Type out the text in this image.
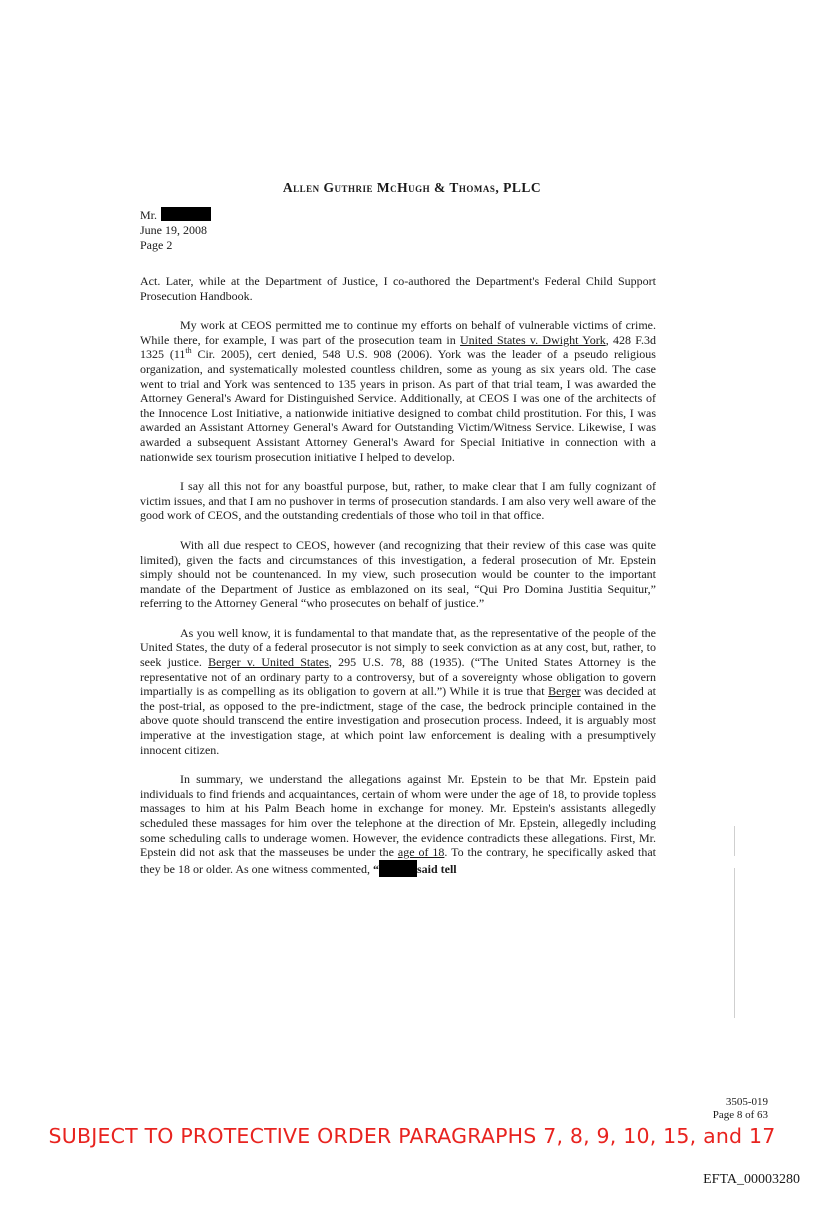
Allen Guthrie McHugh & Thomas, PLLC
Mr.
June 19, 2008
Page 2

Act. Later, while at the Department of Justice, I co-authored the Department's Federal Child Support Prosecution Handbook.

My work at CEOS permitted me to continue my efforts on behalf of vulnerable victims of crime. While there, for example, I was part of the prosecution team in United States v. Dwight York, 428 F.3d 1325 (11th Cir. 2005), cert denied, 548 U.S. 908 (2006). York was the leader of a pseudo religious organization, and systematically molested countless children, some as young as six years old. The case went to trial and York was sentenced to 135 years in prison. As part of that trial team, I was awarded the Attorney General's Award for Distinguished Service. Additionally, at CEOS I was one of the architects of the Innocence Lost Initiative, a nationwide initiative designed to combat child prostitution. For this, I was awarded an Assistant Attorney General's Award for Outstanding Victim/Witness Service. Likewise, I was awarded a subsequent Assistant Attorney General's Award for Special Initiative in connection with a nationwide sex tourism prosecution initiative I helped to develop.

I say all this not for any boastful purpose, but, rather, to make clear that I am fully cognizant of victim issues, and that I am no pushover in terms of prosecution standards. I am also very well aware of the good work of CEOS, and the outstanding credentials of those who toil in that office.

With all due respect to CEOS, however (and recognizing that their review of this case was quite limited), given the facts and circumstances of this investigation, a federal prosecution of Mr. Epstein simply should not be countenanced. In my view, such prosecution would be counter to the important mandate of the Department of Justice as emblazoned on its seal, “Qui Pro Domina Justitia Sequitur,” referring to the Attorney General “who prosecutes on behalf of justice.”

As you well know, it is fundamental to that mandate that, as the representative of the people of the United States, the duty of a federal prosecutor is not simply to seek conviction as at any cost, but, rather, to seek justice. Berger v. United States, 295 U.S. 78, 88 (1935). (“The United States Attorney is the representative not of an ordinary party to a controversy, but of a sovereignty whose obligation to govern impartially is as compelling as its obligation to govern at all.”) While it is true that Berger was decided at the post-trial, as opposed to the pre-indictment, stage of the case, the bedrock principle contained in the above quote should transcend the entire investigation and prosecution process. Indeed, it is arguably most imperative at the investigation stage, at which point law enforcement is dealing with a presumptively innocent citizen.

In summary, we understand the allegations against Mr. Epstein to be that Mr. Epstein paid individuals to find friends and acquaintances, certain of whom were under the age of 18, to provide topless massages to him at his Palm Beach home in exchange for money. Mr. Epstein's assistants allegedly scheduled these massages for him over the telephone at the direction of Mr. Epstein, allegedly including some scheduling calls to underage women. However, the evidence contradicts these allegations. First, Mr. Epstein did not ask that the masseuses be under the age of 18. To the contrary, he specifically asked that they be 18 or older. As one witness commented, “	said tell

3505-019
Page 8 of 63
SUBJECT TO PROTECTIVE ORDER PARAGRAPHS 7, 8, 9, 10, 15, and 17
EFTA_00003280
